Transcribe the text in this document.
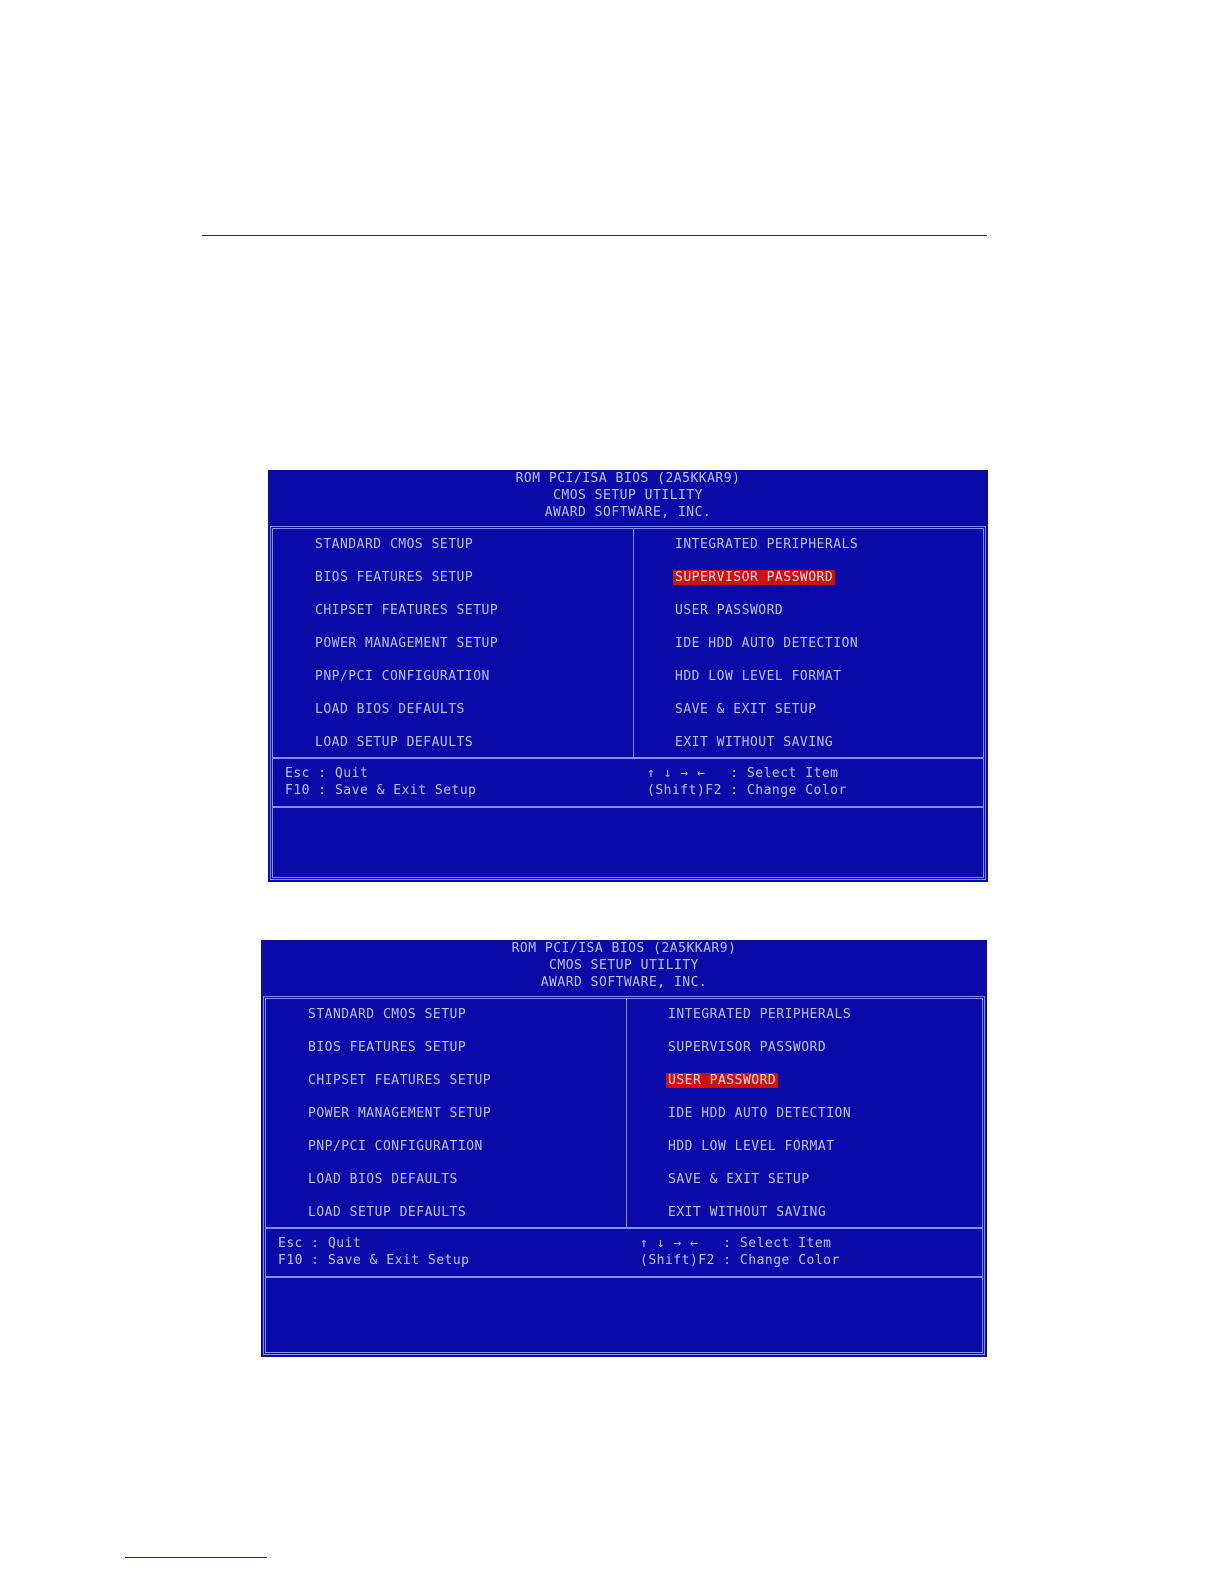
ROM PCI/ISA BIOS (2A5KKAR9)
CMOS SETUP UTILITY
AWARD SOFTWARE, INC.
STANDARD CMOS SETUP
BIOS FEATURES SETUP
CHIPSET FEATURES SETUP
POWER MANAGEMENT SETUP
PNP/PCI CONFIGURATION
LOAD BIOS DEFAULTS
LOAD SETUP DEFAULTS
INTEGRATED PERIPHERALS
SUPERVISOR PASSWORD
USER PASSWORD
IDE HDD AUTO DETECTION
HDD LOW LEVEL FORMAT
SAVE & EXIT SETUP
EXIT WITHOUT SAVING
Esc : Quit
F10 : Save & Exit Setup
↑ ↓ → ←   : Select Item
(Shift)F2 : Change Color
ROM PCI/ISA BIOS (2A5KKAR9)
CMOS SETUP UTILITY
AWARD SOFTWARE, INC.
STANDARD CMOS SETUP
BIOS FEATURES SETUP
CHIPSET FEATURES SETUP
POWER MANAGEMENT SETUP
PNP/PCI CONFIGURATION
LOAD BIOS DEFAULTS
LOAD SETUP DEFAULTS
INTEGRATED PERIPHERALS
SUPERVISOR PASSWORD
USER PASSWORD
IDE HDD AUTO DETECTION
HDD LOW LEVEL FORMAT
SAVE & EXIT SETUP
EXIT WITHOUT SAVING
Esc : Quit
F10 : Save & Exit Setup
↑ ↓ → ←   : Select Item
(Shift)F2 : Change Color
